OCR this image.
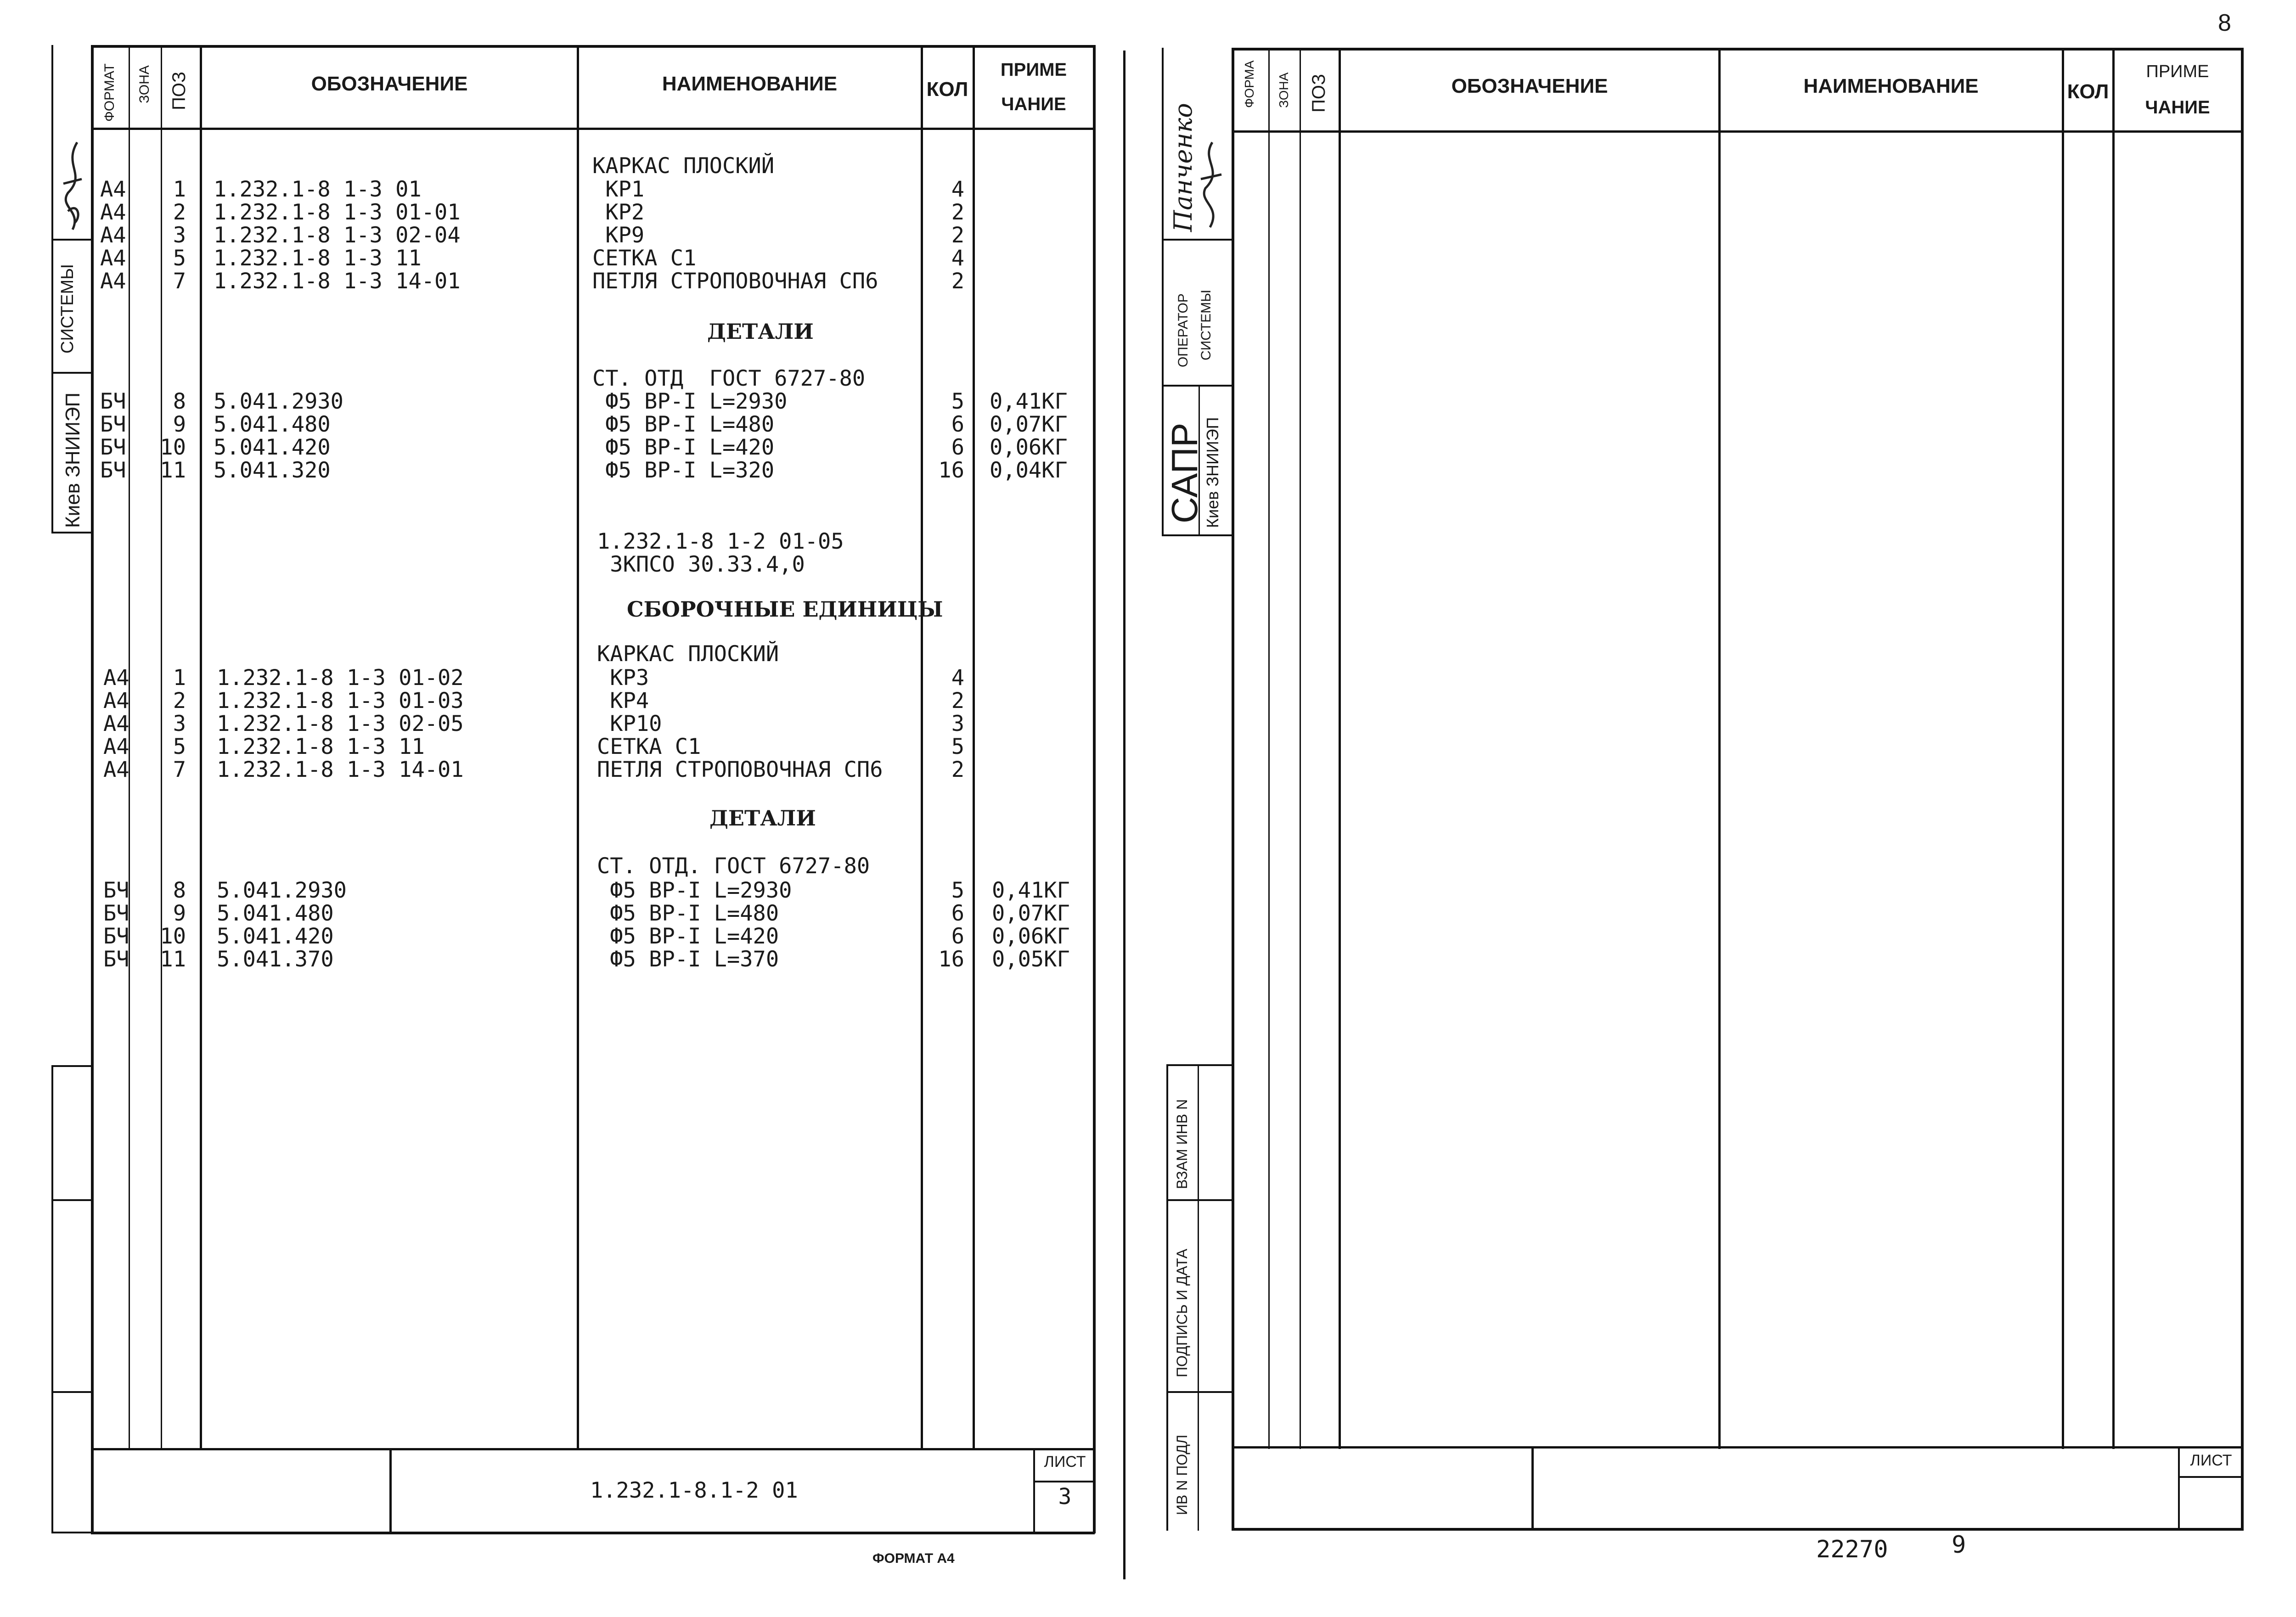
8
СИСТЕМЫ
Киев ЗНИИЭП
ФОРМАТ ЗОНА ПОЗ	ОБОЗНАЧЕНИЕ	НАИМЕНОВАНИЕ	КОЛ
ПРИМЕ
ЧАНИЕ
КАРКАС ПЛОСКИЙ
А4	1 1.232.1-8 1-3 01	КР1	4
А4	2 1.232.1-8 1-3 01-01	КР2	2
А4	3 1.232.1-8 1-3 02-04	КР9	2
А4	5 1.232.1-8 1-3 11	СЕТКА С1	4
А4	7 1.232.1-8 1-3 14-01	ПЕТЛЯ СТРОПОВОЧНАЯ СП6	2
ДЕТАЛИ
СТ. ОТД  ГОСТ 6727-80
БЧ	8 5.041.2930	Ф5 ВР-I L=2930	5 0,41КГ
БЧ	9 5.041.480	Ф5 ВР-I L=480	6 0,07КГ
БЧ	10 5.041.420	Ф5 ВР-I L=420	6 0,06КГ
БЧ	11 5.041.320	Ф5 ВР-I L=320	16 0,04КГ
1.232.1-8 1-2 01-05
ЗКПСО 30.33.4,0
СБОРОЧНЫЕ ЕДИНИЦЫ
КАРКАС ПЛОСКИЙ
А4	1 1.232.1-8 1-3 01-02	КР3	4
А4	2 1.232.1-8 1-3 01-03	КР4	2
А4	3 1.232.1-8 1-3 02-05	КР10	3
А4	5 1.232.1-8 1-3 11	СЕТКА С1	5
А4	7 1.232.1-8 1-3 14-01	ПЕТЛЯ СТРОПОВОЧНАЯ СП6	2
ДЕТАЛИ
СТ. ОТД. ГОСТ 6727-80
БЧ	8 5.041.2930	Ф5 ВР-I L=2930	5 0,41КГ
БЧ	9 5.041.480	Ф5 ВР-I L=480	6 0,07КГ
БЧ	10 5.041.420	Ф5 ВР-I L=420	6 0,06КГ
БЧ	11 5.041.370	Ф5 ВР-I L=370	16 0,05КГ
1.232.1-8.1-2 01
ЛИСТ
3
ФОРМАТ А4
Панченко
ОПЕРАТОР СИСТЕМЫ
САПР
Киев ЗНИИЭП
ВЗАМ ИНВ N
ПОДПИСЬ И ДАТА
ИВ N ПОДЛ
ФОРМА ЗОНА ПОЗ	ОБОЗНАЧЕНИЕ	НАИМЕНОВАНИЕ	КОЛ
ПРИМЕ
ЧАНИЕ
ЛИСТ
22270	9
